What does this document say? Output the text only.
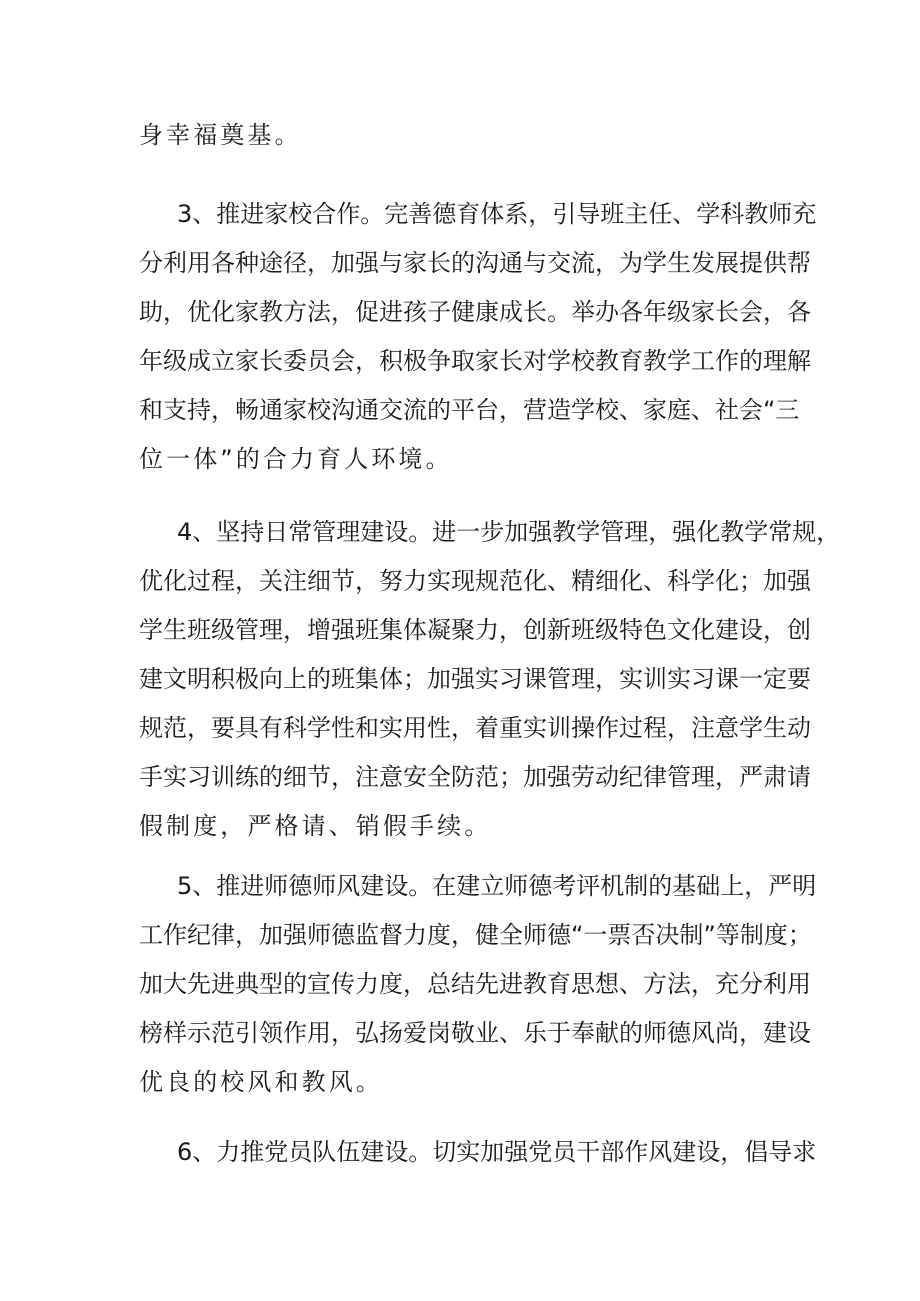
身幸福奠基。
3、推进家校合作。完善德育体系，引导班主任、学科教师充
分利用各种途径，加强与家长的沟通与交流，为学生发展提供帮
助，优化家教方法，促进孩子健康成长。举办各年级家长会，各
年级成立家长委员会，积极争取家长对学校教育教学工作的理解
和支持，畅通家校沟通交流的平台，营造学校、家庭、社会“三
位一体”的合力育人环境。
4、坚持日常管理建设。进一步加强教学管理，强化教学常规，
优化过程，关注细节，努力实现规范化、精细化、科学化；加强
学生班级管理，增强班集体凝聚力，创新班级特色文化建设，创
建文明积极向上的班集体；加强实习课管理，实训实习课一定要
规范，要具有科学性和实用性，着重实训操作过程，注意学生动
手实习训练的细节，注意安全防范；加强劳动纪律管理，严肃请
假制度，严格请、销假手续。
5、推进师德师风建设。在建立师德考评机制的基础上，严明
工作纪律，加强师德监督力度，健全师德“一票否决制”等制度；
加大先进典型的宣传力度，总结先进教育思想、方法，充分利用
榜样示范引领作用，弘扬爱岗敬业、乐于奉献的师德风尚，建设
优良的校风和教风。
6、力推党员队伍建设。切实加强党员干部作风建设，倡导求
